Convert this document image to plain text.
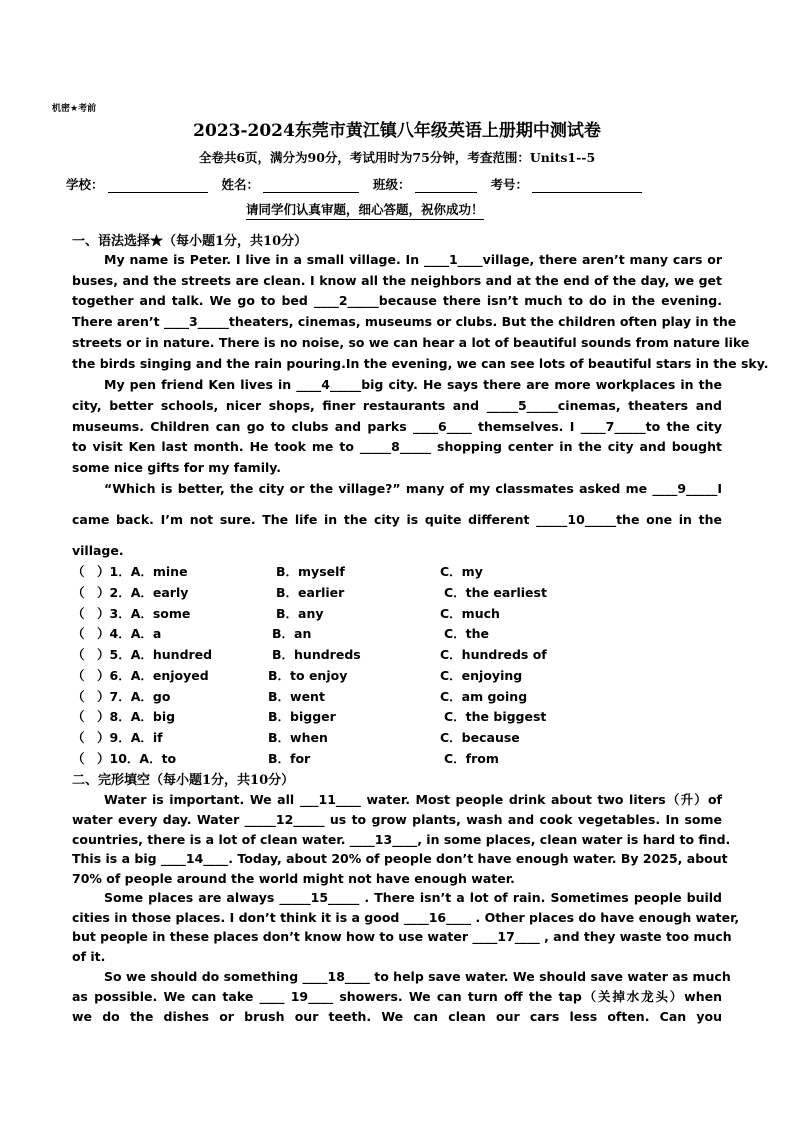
机密★考前
2023-2024东莞市黄江镇八年级英语上册期中测试卷
全卷共6页，满分为90分，考试用时为75分钟，考查范围：Units1--5
学校：	姓名：	班级：	考号：
请同学们认真审题，细心答题，祝你成功！
一、语法选择★（每小题1分，共10分）
My name is Peter. I live in a small village. In ____1____village, there aren’t many cars or
buses, and the streets are clean. I know all the neighbors and at the end of the day, we get
together and talk. We go to bed ____2_____because there isn’t much to do in the evening.
There aren’t ____3_____theaters, cinemas, museums or clubs. But the children often play in the
streets or in nature. There is no noise, so we can hear a lot of beautiful sounds from nature like
the birds singing and the rain pouring.In the evening, we can see lots of beautiful stars in the sky.
My pen friend Ken lives in ____4_____big city. He says there are more workplaces in the
city, better schools, nicer shops, finer restaurants and _____5_____cinemas, theaters and
museums. Children can go to clubs and parks ____6____ themselves. I ____7_____to the city
to visit Ken last month. He took me to _____8_____ shopping center in the city and bought
some nice gifts for my family.
“Which is better, the city or the village?” many of my classmates asked me ____9_____I
came back. I’m not sure. The life in the city is quite different _____10_____the one in the
village.
（　）1．A．mine	B．myself	C．my
（　）2．A．early	B．earlier	C．the earliest
（　）3．A．some	B．any	C．much
（　）4．A．a	B．an	C．the
（　）5．A．hundred	B．hundreds	C．hundreds of
（　）6．A．enjoyed	B．to enjoy	C．enjoying
（　）7．A．go	B．went	C．am going
（　）8．A．big	B．bigger	C．the biggest
（　）9．A．if	B．when	C．because
（　）10．A．to	B．for	C．from
二、完形填空（每小题1分，共10分）
Water is important. We all ___11____ water. Most people drink about two liters（升）of
water every day. Water _____12_____ us to grow plants, wash and cook vegetables. In some
countries, there is a lot of clean water. ____13____, in some places, clean water is hard to find.
This is a big ____14____. Today, about 20% of people don’t have enough water. By 2025, about
70% of people around the world might not have enough water.
Some places are always _____15_____ . There isn’t a lot of rain. Sometimes people build
cities in those places. I don’t think it is a good ____16____ . Other places do have enough water,
but people in these places don’t know how to use water ____17____ , and they waste too much
of it.
So we should do something ____18____ to help save water. We should save water as much
as possible. We can take ____ 19____ showers. We can turn off the tap（关掉水龙头）when
we do the dishes or brush our teeth. We can clean our cars less often. Can you
